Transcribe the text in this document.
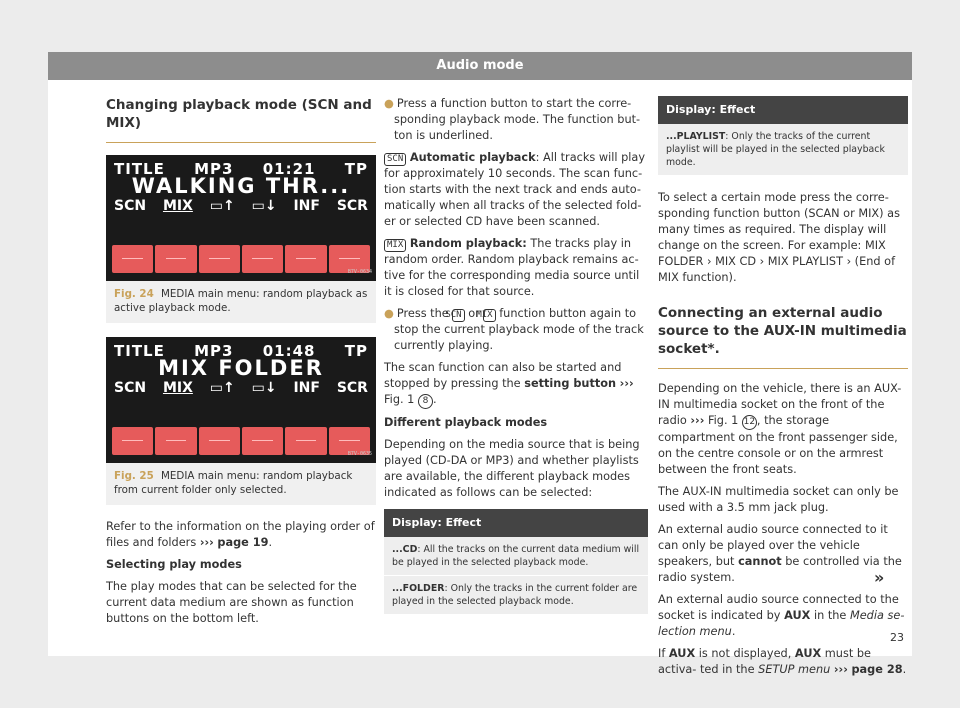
Audio mode
Changing playback mode (SCN and MIX)
TITLE MP3 01:21 TP
WALKING THR...
SCN MIX ▭↑ ▭↓ INF SCR
B7V-0634
Fig. 24 MEDIA main menu: random playback as active playback mode.
TITLE MP3 01:48 TP
MIX FOLDER
SCN MIX ▭↑ ▭↓ INF SCR
B7V-0635
Fig. 25 MEDIA main menu: random playback from current folder only selected.

Refer to the information on the playing order of files and folders ››› page 19.

Selecting play modes

The play modes that can be selected for the current data medium are shown as function buttons on the bottom left.

● Press a function button to start the corre- sponding playback mode. The function but- ton is underlined.

SCN Automatic playback: All tracks will play for approximately 10 seconds. The scan func- tion starts with the next track and ends auto- matically when all tracks of the selected fold- er or selected CD have been scanned.

MIX Random playback: The tracks play in random order. Random playback remains ac- tive for the corresponding media source until it is closed for that source.

● Press the SCN or MIX function button again to stop the current playback mode of the track currently playing.

The scan function can also be started and stopped by pressing the setting button ››› Fig. 1 8 .

Different playback modes

Depending on the media source that is being played (CD-DA or MP3) and whether playlists are available, the different playback modes indicated as follows can be selected:

Display: Effect
...CD: All the tracks on the current data medium will be played in the selected playback mode.
...FOLDER: Only the tracks in the current folder are played in the selected playback mode.
Display: Effect
...PLAYLIST: Only the tracks of the current playlist will be played in the selected playback mode.

To select a certain mode press the corre- sponding function button (SCAN or MIX) as many times as required. The display will change on the screen. For example: MIX FOLDER › MIX CD › MIX PLAYLIST › (End of MIX function).

Connecting an external audio source to the AUX-IN multimedia socket*.

Depending on the vehicle, there is an AUX-IN multimedia socket on the front of the radio ››› Fig. 1 12 , the storage compartment on the front passenger side, on the centre console or on the armrest between the front seats.

The AUX-IN multimedia socket can only be used with a 3.5 mm jack plug.

An external audio source connected to it can only be played over the vehicle speakers, but cannot be controlled via the radio system.

An external audio source connected to the socket is indicated by AUX in the Media se- lection menu.

If AUX is not displayed, AUX must be activa- ted in the SETUP menu ››› page 28.

»
23
